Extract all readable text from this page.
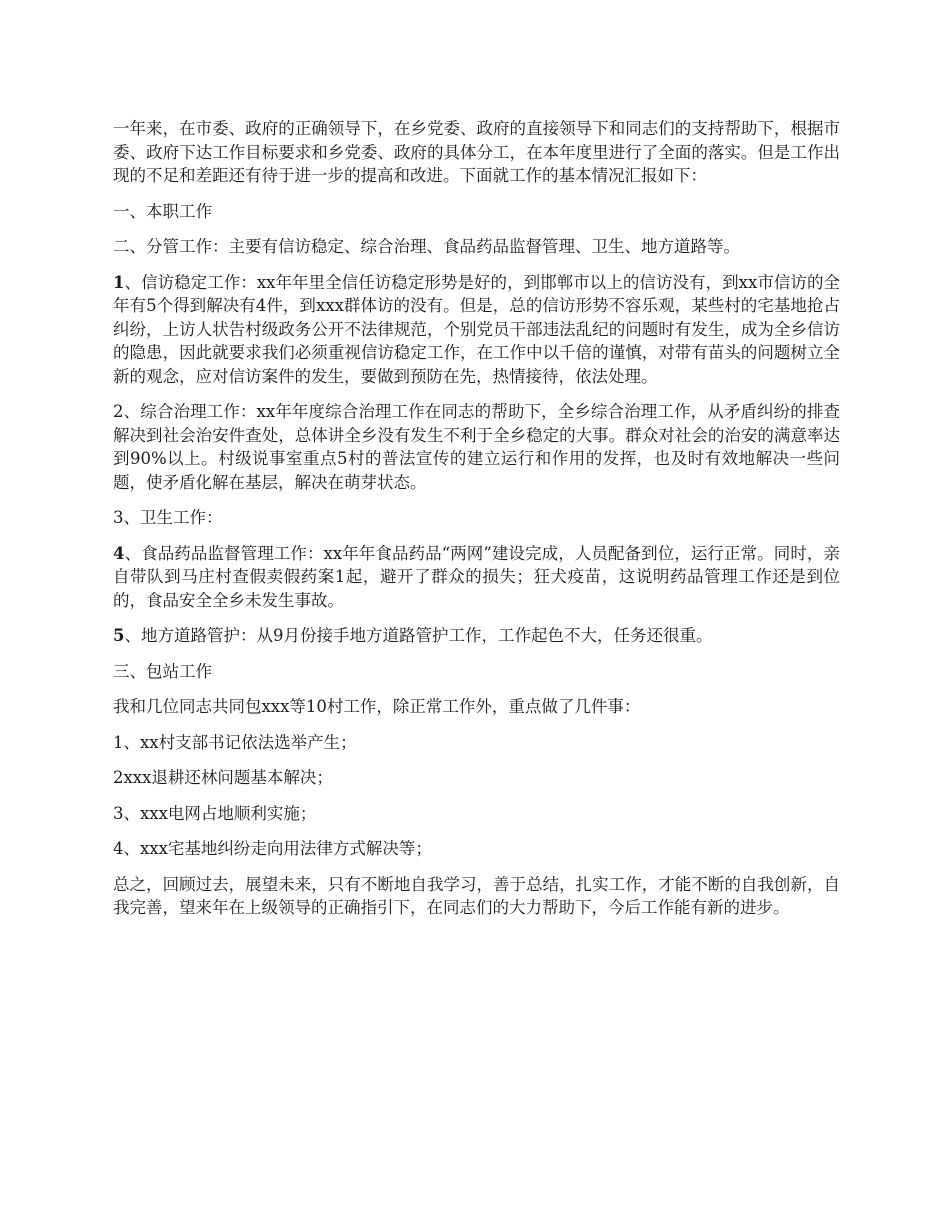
一年来，在市委、政府的正确领导下，在乡党委、政府的直接领导下和同志们的支持帮助下，根据市委、政府下达工作目标要求和乡党委、政府的具体分工，在本年度里进行了全面的落实。但是工作出现的不足和差距还有待于进一步的提高和改进。下面就工作的基本情况汇报如下：

一、本职工作

二、分管工作：主要有信访稳定、综合治理、食品药品监督管理、卫生、地方道路等。

1、信访稳定工作：xx年年里全信任访稳定形势是好的，到邯郸市以上的信访没有，到xx市信访的全年有5个得到解决有4件，到xxx群体访的没有。但是，总的信访形势不容乐观，某些村的宅基地抢占纠纷，上访人状告村级政务公开不法律规范，个别党员干部违法乱纪的问题时有发生，成为全乡信访的隐患，因此就要求我们必须重视信访稳定工作，在工作中以千倍的谨慎，对带有苗头的问题树立全新的观念，应对信访案件的发生，要做到预防在先，热情接待，依法处理。

2、综合治理工作：xx年年度综合治理工作在同志的帮助下，全乡综合治理工作，从矛盾纠纷的排查解决到社会治安件查处，总体讲全乡没有发生不利于全乡稳定的大事。群众对社会的治安的满意率达到90%以上。村级说事室重点5村的普法宣传的建立运行和作用的发挥，也及时有效地解决一些问题，使矛盾化解在基层，解决在萌芽状态。

3、卫生工作：

4、食品药品监督管理工作：xx年年食品药品“两网”建设完成，人员配备到位，运行正常。同时，亲自带队到马庄村查假卖假药案1起，避开了群众的损失；狂犬疫苗，这说明药品管理工作还是到位的，食品安全全乡未发生事故。

5、地方道路管护：从9月份接手地方道路管护工作，工作起色不大，任务还很重。

三、包站工作

我和几位同志共同包xxx等10村工作，除正常工作外，重点做了几件事：

1、xx村支部书记依法选举产生；

2xxx退耕还林问题基本解决；

3、xxx电网占地顺利实施；

4、xxx宅基地纠纷走向用法律方式解决等；

总之，回顾过去，展望未来，只有不断地自我学习，善于总结，扎实工作，才能不断的自我创新，自我完善，望来年在上级领导的正确指引下，在同志们的大力帮助下，今后工作能有新的进步。
